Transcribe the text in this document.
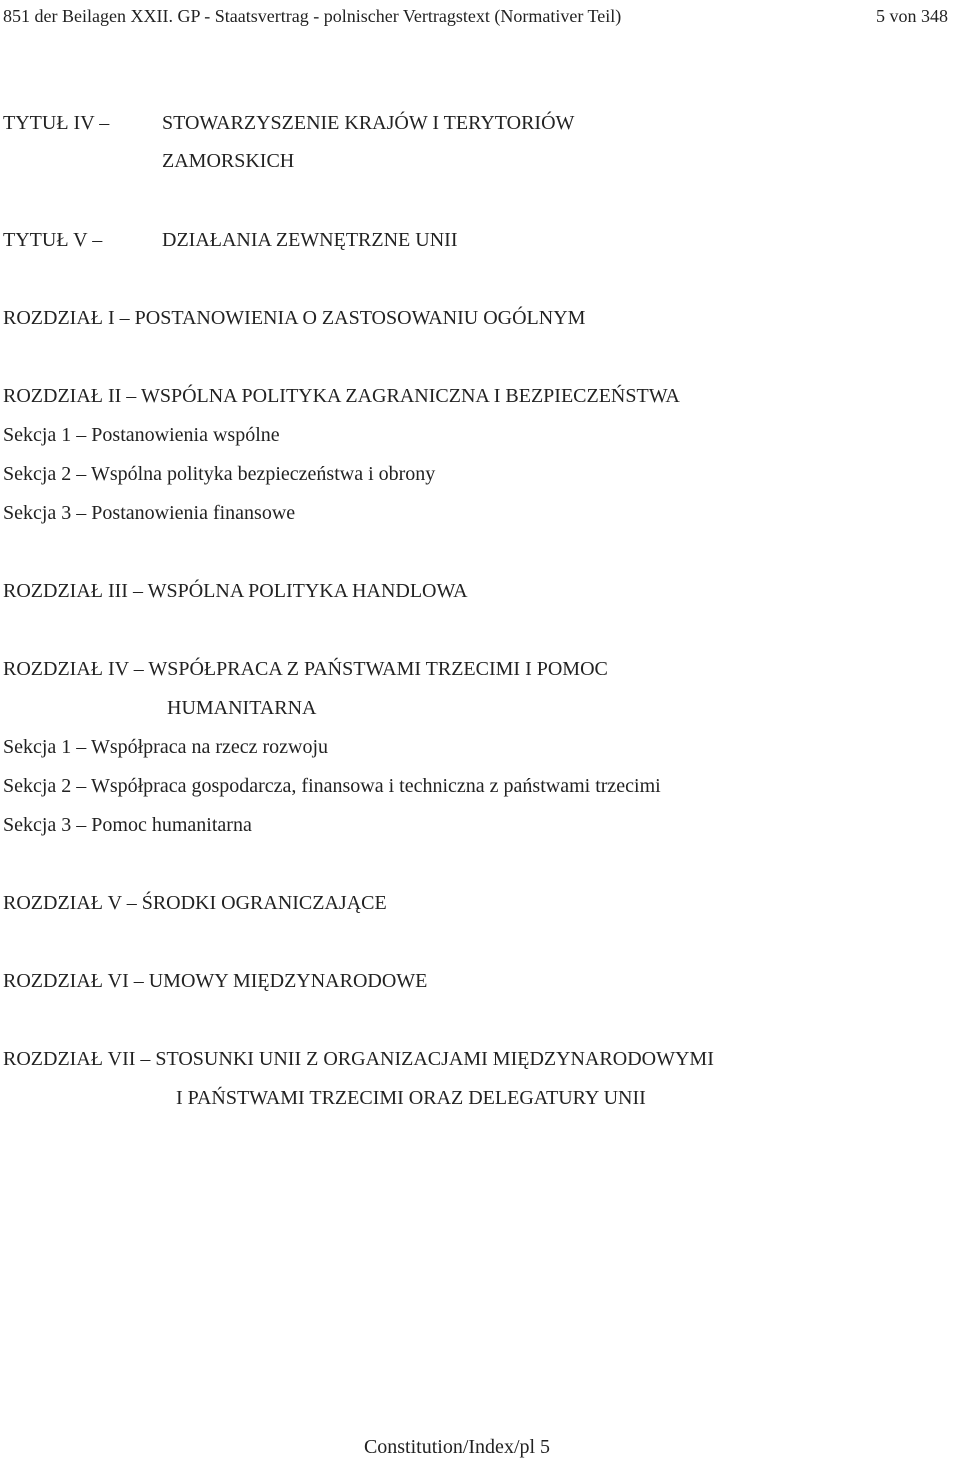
851 der Beilagen XXII. GP - Staatsvertrag - polnischer Vertragstext (Normativer Teil)	5 von 348
TYTUŁ IV –	STOWARZYSZENIE KRAJÓW I TERYTORIÓW
ZAMORSKICH
TYTUŁ V –	DZIAŁANIA ZEWNĘTRZNE UNII
ROZDZIAŁ I – POSTANOWIENIA O ZASTOSOWANIU OGÓLNYM
ROZDZIAŁ II – WSPÓLNA POLITYKA ZAGRANICZNA I BEZPIECZEŃSTWA
Sekcja 1 – Postanowienia wspólne
Sekcja 2 – Wspólna polityka bezpieczeństwa i obrony
Sekcja 3 – Postanowienia finansowe
ROZDZIAŁ III – WSPÓLNA POLITYKA HANDLOWA
ROZDZIAŁ IV – WSPÓŁPRACA Z PAŃSTWAMI TRZECIMI I POMOC
HUMANITARNA
Sekcja 1 – Współpraca na rzecz rozwoju
Sekcja 2 – Współpraca gospodarcza, finansowa i techniczna z państwami trzecimi
Sekcja 3 – Pomoc humanitarna
ROZDZIAŁ V – ŚRODKI OGRANICZAJĄCE
ROZDZIAŁ VI – UMOWY MIĘDZYNARODOWE
ROZDZIAŁ VII – STOSUNKI UNII Z ORGANIZACJAMI MIĘDZYNARODOWYMI
I PAŃSTWAMI TRZECIMI ORAZ DELEGATURY UNII
Constitution/Index/pl 5
